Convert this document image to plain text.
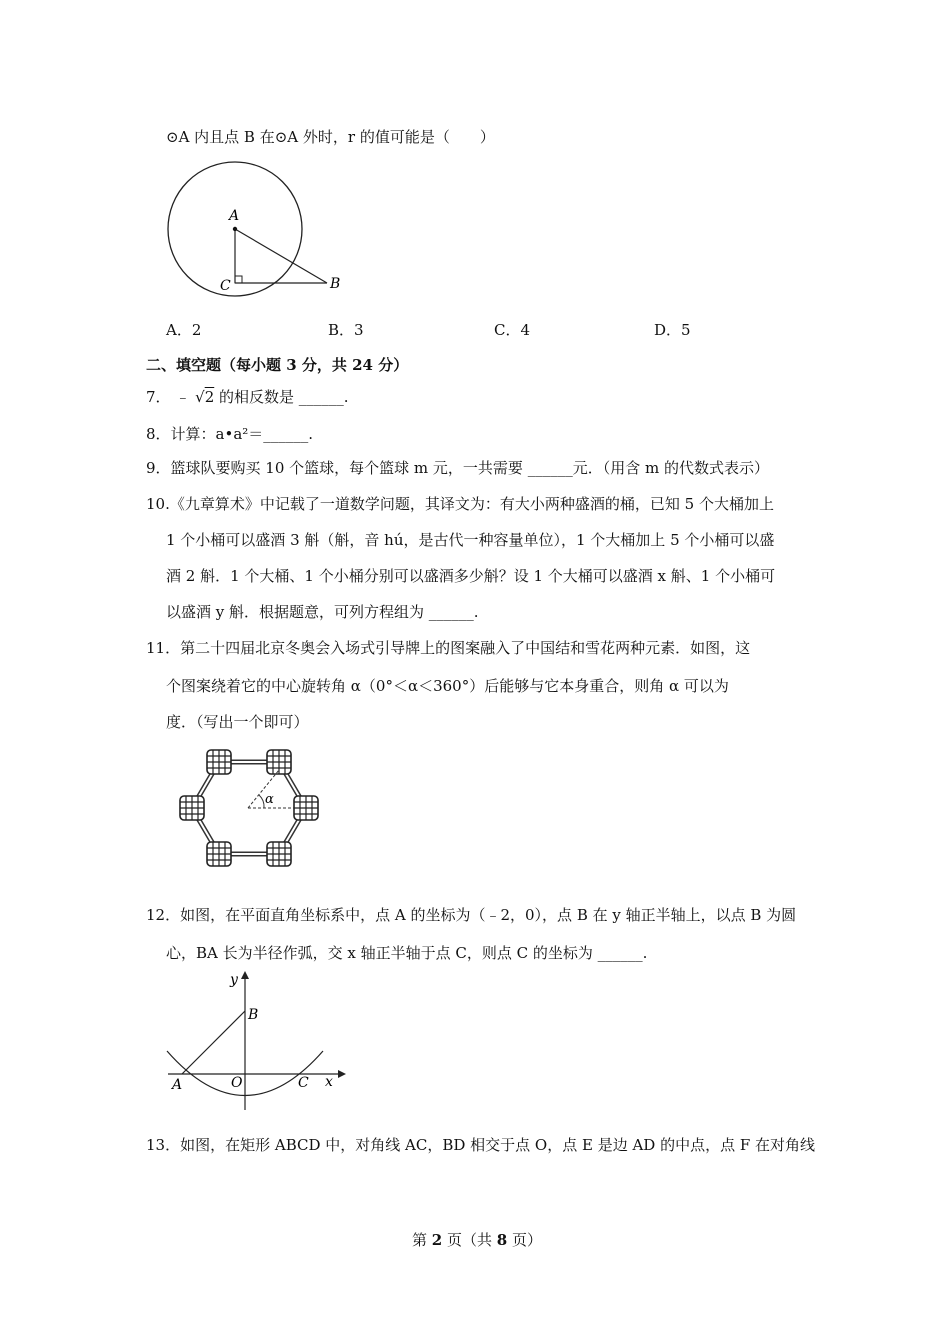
⊙A 内且点 B 在⊙A 外时，r 的值可能是（　　）
A
C	B
A．2	B．3	C．4	D．5
二、填空题（每小题 3 分，共 24 分）
7． ﹣ √2 的相反数是 ______.
8．计算：a•a²＝______.
9．篮球队要购买 10 个篮球，每个篮球 m 元，一共需要 ______元．（用含 m 的代数式表示）
10.《九章算术》中记载了一道数学问题，其译文为：有大小两种盛酒的桶，已知 5 个大桶加上
1 个小桶可以盛酒 3 斛（斛，音 hú，是古代一种容量单位），1 个大桶加上 5 个小桶可以盛
酒 2 斛．1 个大桶、1 个小桶分别可以盛酒多少斛？设 1 个大桶可以盛酒 x 斛、1 个小桶可
以盛酒 y 斛．根据题意，可列方程组为 ______.
11．第二十四届北京冬奥会入场式引导牌上的图案融入了中国结和雪花两种元素．如图，这
个图案绕着它的中心旋转角 α（0°＜α＜360°）后能够与它本身重合，则角 α 可以为
度．（写出一个即可）
α
12．如图，在平面直角坐标系中，点 A 的坐标为（﹣2，0），点 B 在 y 轴正半轴上，以点 B 为圆
心，BA 长为半径作弧，交 x 轴正半轴于点 C，则点 C 的坐标为 ______.
y
B
A	O	C x
13．如图，在矩形 ABCD 中，对角线 AC，BD 相交于点 O，点 E 是边 AD 的中点，点 F 在对角线
第 2 页（共 8 页）
